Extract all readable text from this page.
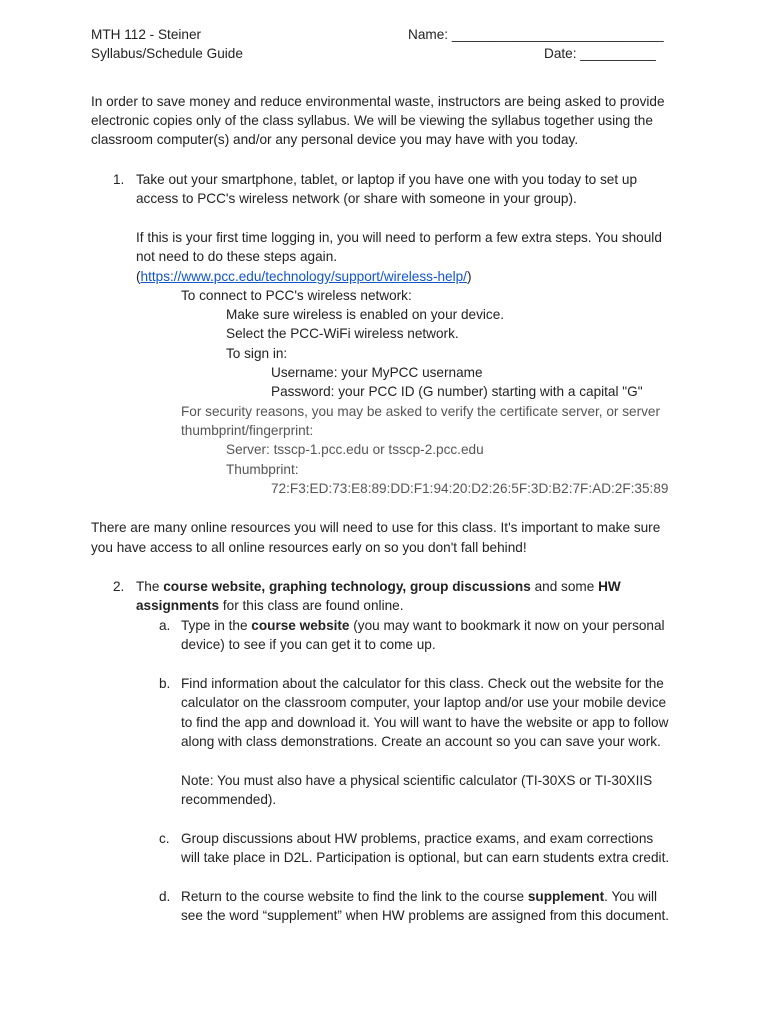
MTH 112 - Steiner
Syllabus/Schedule Guide
Name: ____________________________
Date: __________
In order to save money and reduce environmental waste, instructors are being asked to provide
electronic copies only of the class syllabus. We will be viewing the syllabus together using the
classroom computer(s) and/or any personal device you may have with you today.
1. Take out your smartphone, tablet, or laptop if you have one with you today to set up
access to PCC's wireless network (or share with someone in your group).
If this is your first time logging in, you will need to perform a few extra steps. You should
not need to do these steps again.
(https://www.pcc.edu/technology/support/wireless-help/)
To connect to PCC's wireless network:
Make sure wireless is enabled on your device.
Select the PCC-WiFi wireless network.
To sign in:
Username: your MyPCC username
Password: your PCC ID (G number) starting with a capital "G"
For security reasons, you may be asked to verify the certificate server, or server
thumbprint/fingerprint:
Server: tsscp-1.pcc.edu or tsscp-2.pcc.edu
Thumbprint:
72:F3:ED:73:E8:89:DD:F1:94:20:D2:26:5F:3D:B2:7F:AD:2F:35:89
There are many online resources you will need to use for this class. It's important to make sure
you have access to all online resources early on so you don't fall behind!
2. The course website, graphing technology, group discussions and some HW
assignments for this class are found online.
a. Type in the course website (you may want to bookmark it now on your personal
device) to see if you can get it to come up.
b. Find information about the calculator for this class. Check out the website for the
calculator on the classroom computer, your laptop and/or use your mobile device
to find the app and download it. You will want to have the website or app to follow
along with class demonstrations. Create an account so you can save your work.
Note: You must also have a physical scientific calculator (TI-30XS or TI-30XIIS
recommended).
c. Group discussions about HW problems, practice exams, and exam corrections
will take place in D2L. Participation is optional, but can earn students extra credit.
d. Return to the course website to find the link to the course supplement. You will
see the word “supplement” when HW problems are assigned from this document.
